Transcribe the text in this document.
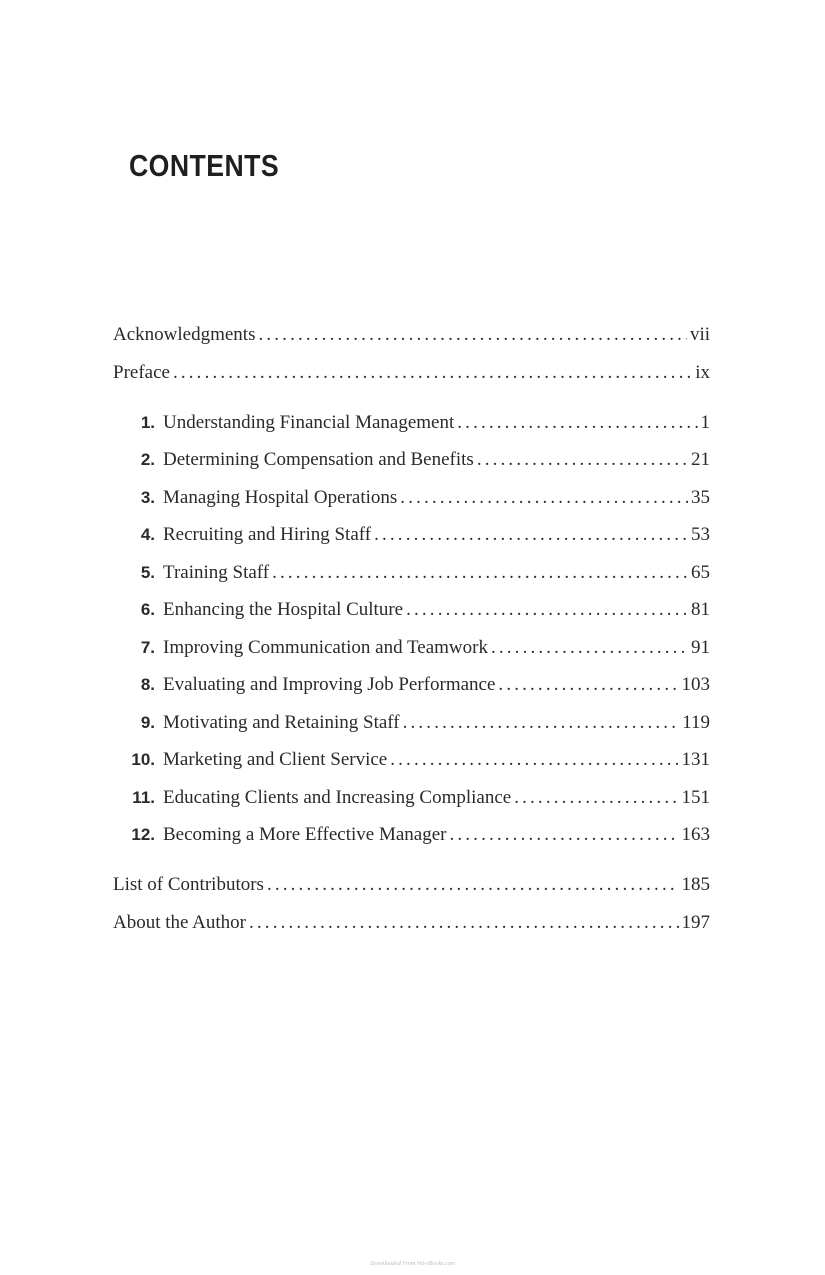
CONTENTS
Acknowledgments . . .	vii
Preface . . .	ix
1. Understanding Financial Management . . .	1
2. Determining Compensation and Benefits . . .	21
3. Managing Hospital Operations . . .	35
4. Recruiting and Hiring Staff . . .	53
5. Training Staff . . .	65
6. Enhancing the Hospital Culture . . .	81
7. Improving Communication and Teamwork . . .	91
8. Evaluating and Improving Job Performance . . .	103
9. Motivating and Retaining Staff . . .	119
10. Marketing and Client Service . . .	131
11. Educating Clients and Increasing Compliance . . .	151
12. Becoming a More Effective Manager . . .	163
List of Contributors . . .	185
About the Author . . .	197
Downloaded From Vet-eBooks.com
